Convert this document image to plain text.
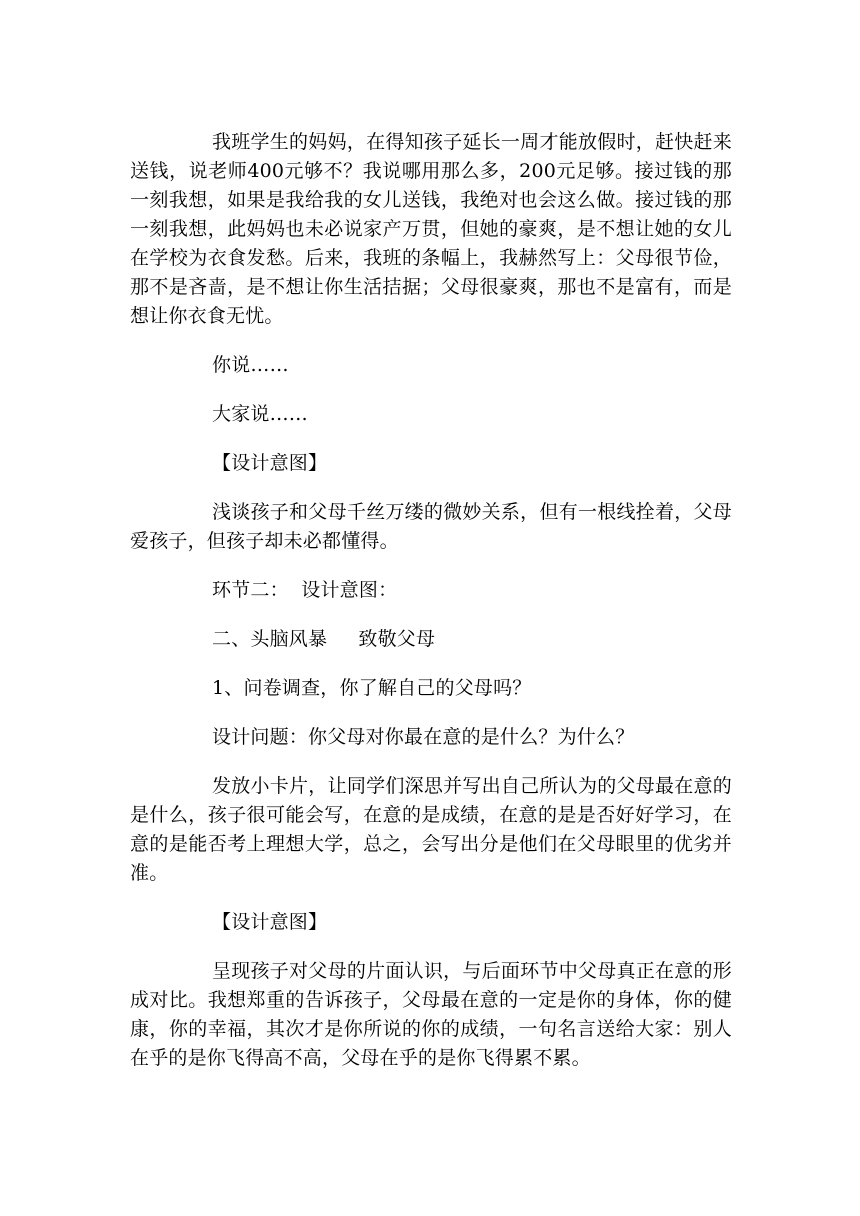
我班学生的妈妈，在得知孩子延长一周才能放假时，赶快赶来送钱，说老师400元够不？我说哪用那么多，200元足够。接过钱的那一刻我想，如果是我给我的女儿送钱，我绝对也会这么做。接过钱的那一刻我想，此妈妈也未必说家产万贯，但她的豪爽，是不想让她的女儿在学校为衣食发愁。后来，我班的条幅上，我赫然写上：父母很节俭，那不是吝啬，是不想让你生活拮据；父母很豪爽，那也不是富有，而是想让你衣食无忧。

你说……

大家说……

【设计意图】

浅谈孩子和父母千丝万缕的微妙关系，但有一根线拴着，父母爱孩子，但孩子却未必都懂得。

环节二：  设计意图：

二、头脑风暴     致敬父母

1、问卷调查，你了解自己的父母吗？

设计问题：你父母对你最在意的是什么？为什么？

发放小卡片，让同学们深思并写出自己所认为的父母最在意的是什么，孩子很可能会写，在意的是成绩，在意的是是否好好学习，在意的是能否考上理想大学，总之，会写出分是他们在父母眼里的优劣并准。

【设计意图】

呈现孩子对父母的片面认识，与后面环节中父母真正在意的形成对比。我想郑重的告诉孩子，父母最在意的一定是你的身体，你的健康，你的幸福，其次才是你所说的你的成绩，一句名言送给大家：别人在乎的是你飞得高不高，父母在乎的是你飞得累不累。
